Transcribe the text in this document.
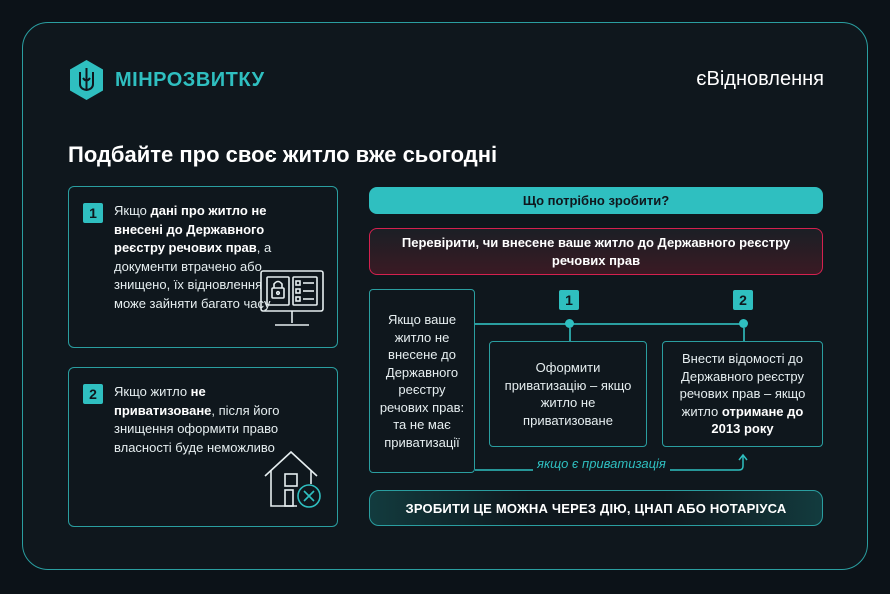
МІНРОЗВИТКУ	єВідновлення
Подбайте про своє житло вже сьогодні
1	Якщо дані про житло не внесені до Державного реєстру речових прав, а документи втрачено або знищено, їх відновлення може зайняти багато часу
2	Якщо житло не приватизоване, після його знищення оформити право власності буде неможливо
Що потрібно зробити?
Перевірити, чи внесене ваше житло до Державного реєстру речових прав
Якщо ваше житло не внесене до Державного реєстру речових прав: та не має приватизації
1	2
Оформити приватизацію – якщо житло не приватизоване
Внести відомості до Державного реєстру речових прав – якщо житло отримане до 2013 року
якщо є приватизація
ЗРОБИТИ ЦЕ МОЖНА ЧЕРЕЗ ДІЮ, ЦНАП АБО НОТАРІУСА
